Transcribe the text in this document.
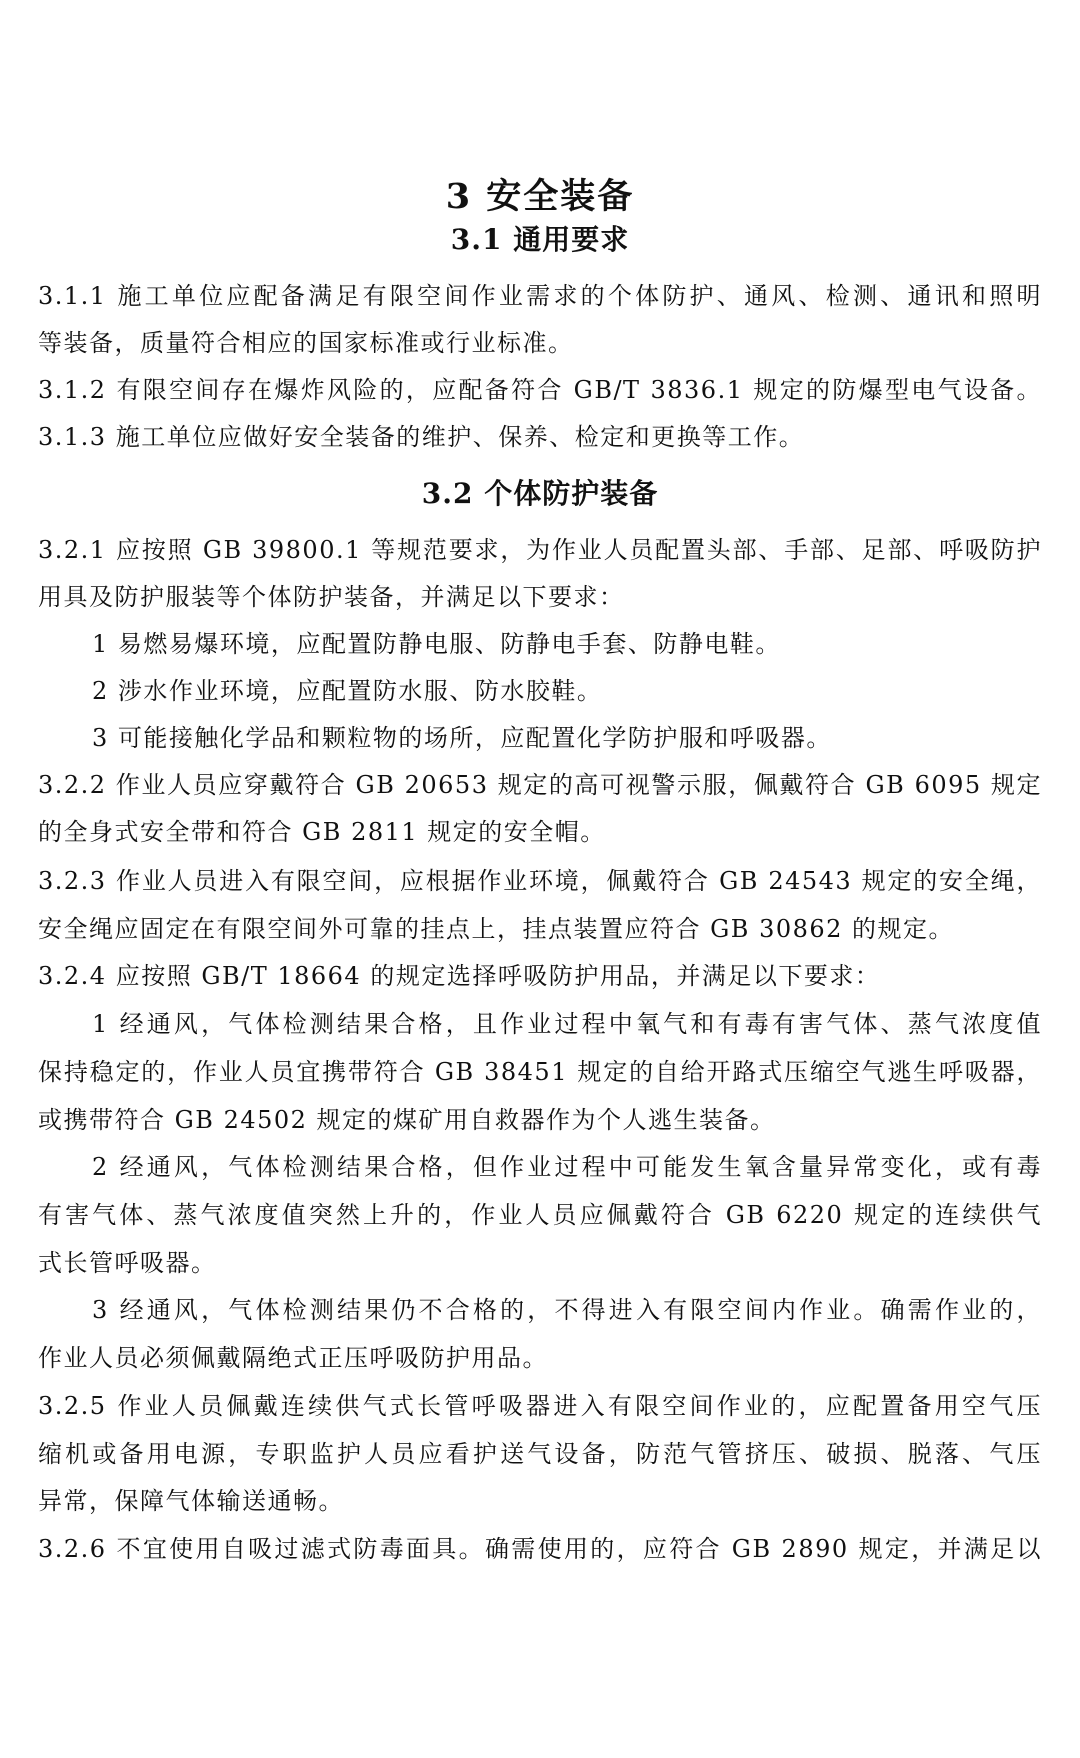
3 安全装备
3.1 通用要求
3.1.1 施工单位应配备满足有限空间作业需求的个体防护、通风、检测、通讯和照明
等装备，质量符合相应的国家标准或行业标准。
3.1.2 有限空间存在爆炸风险的，应配备符合 GB/T 3836.1 规定的防爆型电气设备。
3.1.3 施工单位应做好安全装备的维护、保养、检定和更换等工作。
3.2 个体防护装备
3.2.1 应按照 GB 39800.1 等规范要求，为作业人员配置头部、手部、足部、呼吸防护
用具及防护服装等个体防护装备，并满足以下要求：
1 易燃易爆环境，应配置防静电服、防静电手套、防静电鞋。
2 涉水作业环境，应配置防水服、防水胶鞋。
3 可能接触化学品和颗粒物的场所，应配置化学防护服和呼吸器。
3.2.2 作业人员应穿戴符合 GB 20653 规定的高可视警示服，佩戴符合 GB 6095 规定
的全身式安全带和符合 GB 2811 规定的安全帽。
3.2.3 作业人员进入有限空间，应根据作业环境，佩戴符合 GB 24543 规定的安全绳，
安全绳应固定在有限空间外可靠的挂点上，挂点装置应符合 GB 30862 的规定。
3.2.4 应按照 GB/T 18664 的规定选择呼吸防护用品，并满足以下要求：
1 经通风，气体检测结果合格，且作业过程中氧气和有毒有害气体、蒸气浓度值
保持稳定的，作业人员宜携带符合 GB 38451 规定的自给开路式压缩空气逃生呼吸器，
或携带符合 GB 24502 规定的煤矿用自救器作为个人逃生装备。
2 经通风，气体检测结果合格，但作业过程中可能发生氧含量异常变化，或有毒
有害气体、蒸气浓度值突然上升的，作业人员应佩戴符合 GB 6220 规定的连续供气
式长管呼吸器。
3 经通风，气体检测结果仍不合格的，不得进入有限空间内作业。确需作业的，
作业人员必须佩戴隔绝式正压呼吸防护用品。
3.2.5 作业人员佩戴连续供气式长管呼吸器进入有限空间作业的，应配置备用空气压
缩机或备用电源，专职监护人员应看护送气设备，防范气管挤压、破损、脱落、气压
异常，保障气体输送通畅。
3.2.6 不宜使用自吸过滤式防毒面具。确需使用的，应符合 GB 2890 规定，并满足以
